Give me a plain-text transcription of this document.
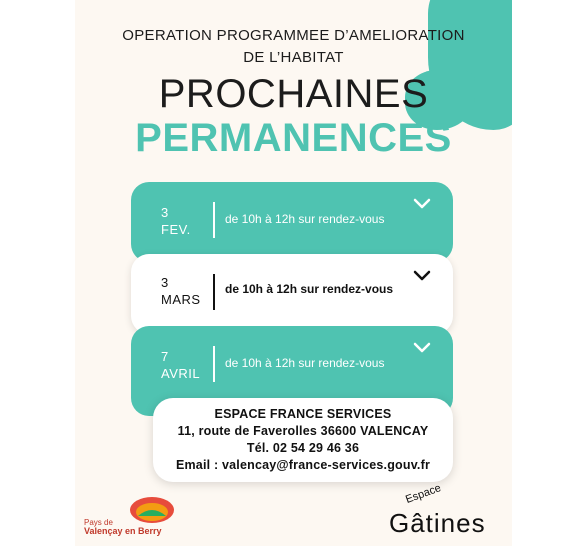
OPERATION PROGRAMMEE D’AMELIORATION
DE L’HABITAT
PROCHAINES
PERMANENCES
3
FEV.
de 10h à 12h sur rendez-vous
3
MARS
de 10h à 12h sur rendez-vous
7
AVRIL
de 10h à 12h sur rendez-vous
ESPACE FRANCE SERVICES
11, route de Faverolles 36600 VALENCAY
Tél. 02 54 29 46 36
Email : valencay@france-services.gouv.fr
Pays de
Valençay en Berry
Espace
Gâtines
